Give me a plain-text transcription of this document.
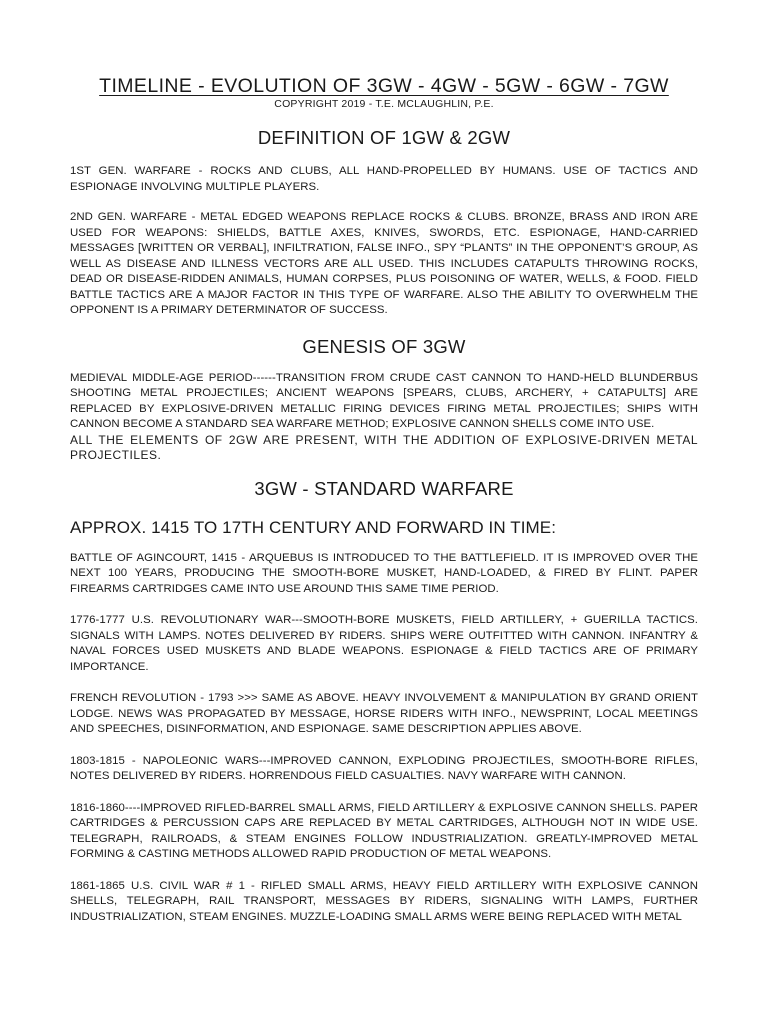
TIMELINE - EVOLUTION OF 3GW - 4GW - 5GW - 6GW - 7GW

COPYRIGHT 2019 - T.E. MCLAUGHLIN, P.E.

DEFINITION OF 1GW & 2GW

1ST GEN. WARFARE - ROCKS AND CLUBS, ALL HAND-PROPELLED BY HUMANS. USE OF TACTICS AND ESPIONAGE INVOLVING MULTIPLE PLAYERS.

2ND GEN. WARFARE - METAL EDGED WEAPONS REPLACE ROCKS & CLUBS. BRONZE, BRASS AND IRON ARE USED FOR WEAPONS: SHIELDS, BATTLE AXES, KNIVES, SWORDS, ETC. ESPIONAGE, HAND-CARRIED MESSAGES [WRITTEN OR VERBAL], INFILTRATION, FALSE INFO., SPY “PLANTS” IN THE OPPONENT’S GROUP, AS WELL AS DISEASE AND ILLNESS VECTORS ARE ALL USED. THIS INCLUDES CATAPULTS THROWING ROCKS, DEAD OR DISEASE-RIDDEN ANIMALS, HUMAN CORPSES, PLUS POISONING OF WATER, WELLS, & FOOD. FIELD BATTLE TACTICS ARE A MAJOR FACTOR IN THIS TYPE OF WARFARE. ALSO THE ABILITY TO OVERWHELM THE OPPONENT IS A PRIMARY DETERMINATOR OF SUCCESS.

GENESIS OF 3GW

MEDIEVAL MIDDLE-AGE PERIOD------TRANSITION FROM CRUDE CAST CANNON TO HAND-HELD BLUNDERBUS SHOOTING METAL PROJECTILES; ANCIENT WEAPONS [SPEARS, CLUBS, ARCHERY, + CATAPULTS] ARE REPLACED BY EXPLOSIVE-DRIVEN METALLIC FIRING DEVICES FIRING METAL PROJECTILES; SHIPS WITH CANNON BECOME A STANDARD SEA WARFARE METHOD; EXPLOSIVE CANNON SHELLS COME INTO USE.

ALL THE ELEMENTS OF 2GW ARE PRESENT, WITH THE ADDITION OF EXPLOSIVE-DRIVEN METAL PROJECTILES.

3GW - STANDARD WARFARE
APPROX. 1415 TO 17TH CENTURY AND FORWARD IN TIME:

BATTLE OF AGINCOURT, 1415 - ARQUEBUS IS INTRODUCED TO THE BATTLEFIELD. IT IS IMPROVED OVER THE NEXT 100 YEARS, PRODUCING THE SMOOTH-BORE MUSKET, HAND-LOADED, & FIRED BY FLINT. PAPER FIREARMS CARTRIDGES CAME INTO USE AROUND THIS SAME TIME PERIOD.

1776-1777 U.S. REVOLUTIONARY WAR---SMOOTH-BORE MUSKETS, FIELD ARTILLERY, + GUERILLA TACTICS. SIGNALS WITH LAMPS. NOTES DELIVERED BY RIDERS. SHIPS WERE OUTFITTED WITH CANNON. INFANTRY & NAVAL FORCES USED MUSKETS AND BLADE WEAPONS. ESPIONAGE & FIELD TACTICS ARE OF PRIMARY IMPORTANCE.

FRENCH REVOLUTION - 1793 >>> SAME AS ABOVE. HEAVY INVOLVEMENT & MANIPULATION BY GRAND ORIENT LODGE. NEWS WAS PROPAGATED BY MESSAGE, HORSE RIDERS WITH INFO., NEWSPRINT, LOCAL MEETINGS AND SPEECHES, DISINFORMATION, AND ESPIONAGE. SAME DESCRIPTION APPLIES ABOVE.

1803-1815 - NAPOLEONIC WARS---IMPROVED CANNON, EXPLODING PROJECTILES, SMOOTH-BORE RIFLES, NOTES DELIVERED BY RIDERS. HORRENDOUS FIELD CASUALTIES. NAVY WARFARE WITH CANNON.

1816-1860----IMPROVED RIFLED-BARREL SMALL ARMS, FIELD ARTILLERY & EXPLOSIVE CANNON SHELLS. PAPER CARTRIDGES & PERCUSSION CAPS ARE REPLACED BY METAL CARTRIDGES, ALTHOUGH NOT IN WIDE USE. TELEGRAPH, RAILROADS, & STEAM ENGINES FOLLOW INDUSTRIALIZATION. GREATLY-IMPROVED METAL FORMING & CASTING METHODS ALLOWED RAPID PRODUCTION OF METAL WEAPONS.

1861-1865 U.S. CIVIL WAR # 1 - RIFLED SMALL ARMS, HEAVY FIELD ARTILLERY WITH EXPLOSIVE CANNON SHELLS, TELEGRAPH, RAIL TRANSPORT, MESSAGES BY RIDERS, SIGNALING WITH LAMPS, FURTHER INDUSTRIALIZATION, STEAM ENGINES. MUZZLE-LOADING SMALL ARMS WERE BEING REPLACED WITH METAL
